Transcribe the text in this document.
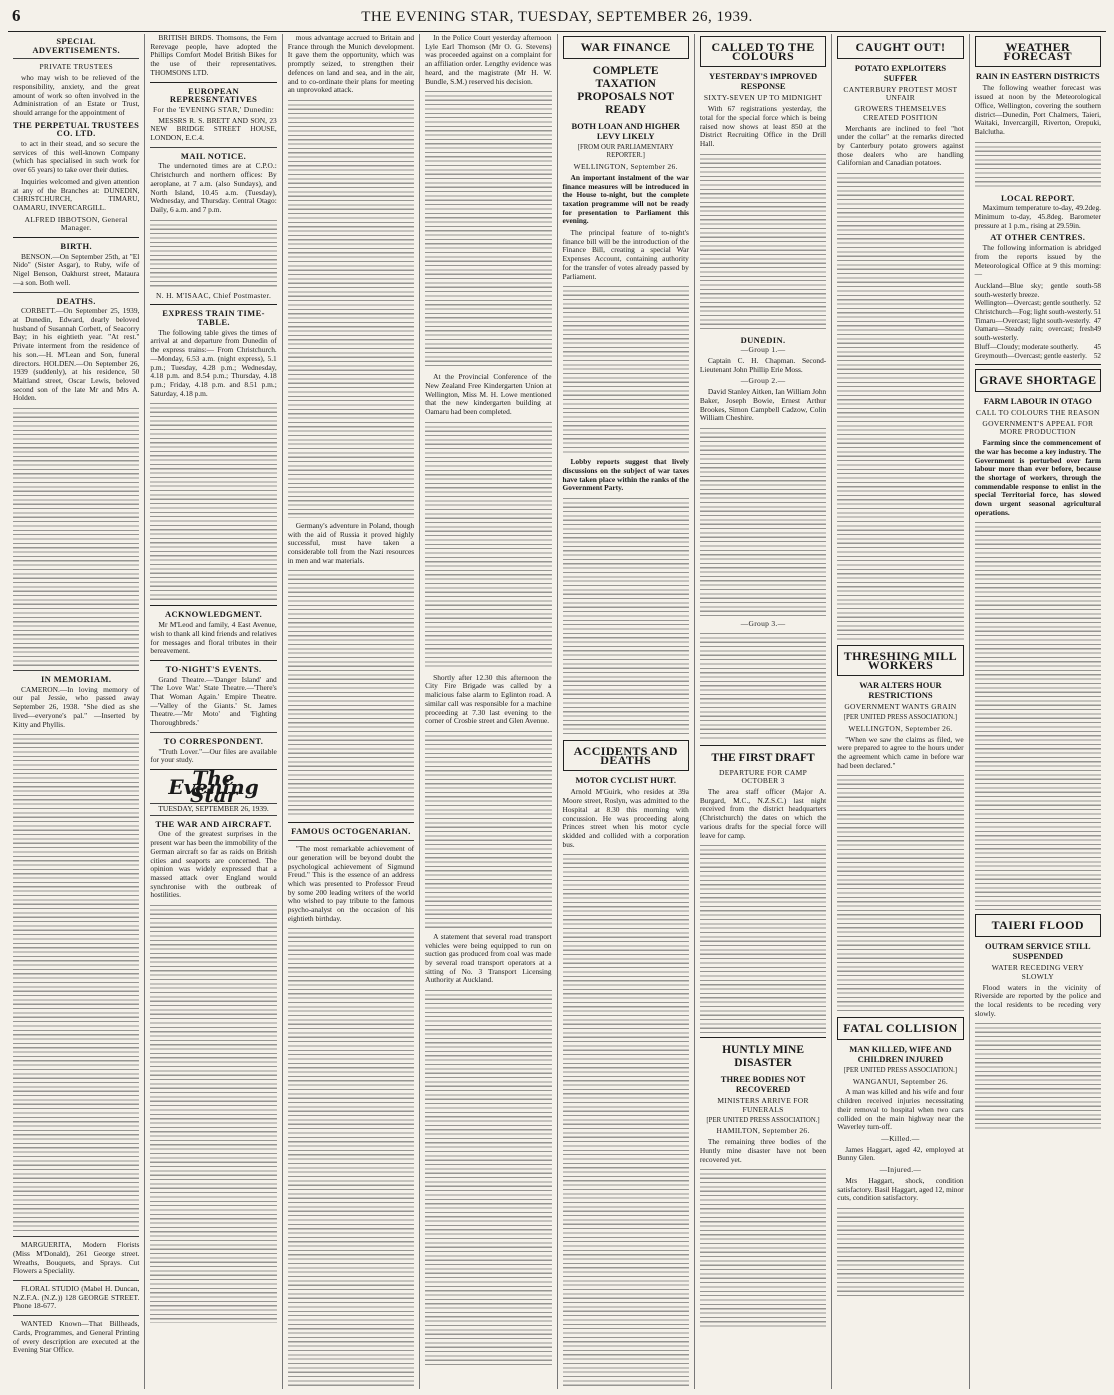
6	THE EVENING STAR, TUESDAY, SEPTEMBER 26, 1939.
SPECIAL ADVERTISEMENTS.
PRIVATE TRUSTEES

who may wish to be relieved of the responsibility, anxiety, and the great amount of work so often involved in the Administration of an Estate or Trust, should arrange for the appointment of

THE PERPETUAL TRUSTEES CO. LTD.

to act in their stead, and so secure the services of this well-known Company (which has specialised in such work for over 65 years) to take over their duties.

Inquiries welcomed and given attention at any of the Branches at: DUNEDIN, CHRISTCHURCH, TIMARU, OAMARU, INVERCARGILL.

ALFRED IBBOTSON, General Manager.
BIRTH.

BENSON.—On September 25th, at "El Nido" (Sister Asgar), to Ruby, wife of Nigel Benson, Oakhurst street, Mataura —a son. Both well.

DEATHS.

CORBETT.—On September 25, 1939, at Dunedin, Edward, dearly beloved husband of Susannah Corbett, of Seacorry Bay; in his eightieth year. "At rest." Private interment from the residence of his son.—H. M'Lean and Son, funeral directors. HOLDEN.—On September 26, 1939 (suddenly), at his residence, 50 Maitland street, Oscar Lewis, beloved second son of the late Mr and Mrs A. Holden.

IN MEMORIAM.

CAMERON.—In loving memory of our pal Jessie, who passed away September 26, 1938. "She died as she lived—everyone's pal." —Inserted by Kitty and Phyllis.

MARGUERITA, Modern Florists (Miss M'Donald), 261 George street. Wreaths, Bouquets, and Sprays. Cut Flowers a Speciality.

FLORAL STUDIO (Mabel H. Duncan, N.Z.F.A. (N.Z.)) 128 GEORGE STREET. Phone 18-677.

WANTED Known—That Billheads, Cards, Programmes, and General Printing of every description are executed at the Evening Star Office.

BRITISH BIRDS. Thomsons, the Fern Rerevage people, have adopted the Phillips Comfort Model British Bikes for the use of their representatives. THOMSONS LTD.

EUROPEAN REPRESENTATIVES
For the 'EVENING STAR,' Dunedin:

MESSRS R. S. BRETT AND SON, 23 NEW BRIDGE STREET HOUSE, LONDON, E.C.4.

MAIL NOTICE.

The undernoted times are at C.P.O.: Christchurch and northern offices: By aeroplane, at 7 a.m. (also Sundays), and North Island, 10.45 a.m. (Tuesday), Wednesday, and Thursday. Central Otago: Daily, 6 a.m. and 7 p.m.

N. H. M'ISAAC, Chief Postmaster.
EXPRESS TRAIN TIME-TABLE.

The following table gives the times of arrival at and departure from Dunedin of the express trains:— From Christchurch.—Monday, 6.53 a.m. (night express), 5.1 p.m.; Tuesday, 4.28 p.m.; Wednesday, 4.18 p.m. and 8.54 p.m.; Thursday, 4.18 p.m.; Friday, 4.18 p.m. and 8.51 p.m.; Saturday, 4.18 p.m.

ACKNOWLEDGMENT.

Mr M'Leod and family, 4 East Avenue, wish to thank all kind friends and relatives for messages and floral tributes in their bereavement.

TO-NIGHT'S EVENTS.

Grand Theatre.—'Danger Island' and 'The Love War.' State Theatre.—'There's That Woman Again.' Empire Theatre.—'Valley of the Giants.' St. James Theatre.—'Mr Moto' and 'Fighting Thoroughbreds.'

TO CORRESPONDENT.

"Truth Lover."—Our files are available for your study.

The Evening Star
TUESDAY, SEPTEMBER 26, 1939.
THE WAR AND AIRCRAFT.

One of the greatest surprises in the present war has been the immobility of the German aircraft so far as raids on British cities and seaports are concerned. The opinion was widely expressed that a massed attack over England would synchronise with the outbreak of hostilities.

mous advantage accrued to Britain and France through the Munich development. It gave them the opportunity, which was promptly seized, to strengthen their defences on land and sea, and in the air, and to co-ordinate their plans for meeting an unprovoked attack.

Germany's adventure in Poland, though with the aid of Russia it proved highly successful, must have taken a considerable toll from the Nazi resources in men and war materials.

FAMOUS OCTOGENARIAN.

"The most remarkable achievement of our generation will be beyond doubt the psychological achievement of Sigmund Freud." This is the essence of an address which was presented to Professor Freud by some 200 leading writers of the world who wished to pay tribute to the famous psycho-analyst on the occasion of his eightieth birthday.

In the Police Court yesterday afternoon Lyle Earl Thomson (Mr O. G. Stevens) was proceeded against on a complaint for an affiliation order. Lengthy evidence was heard, and the magistrate (Mr H. W. Bundle, S.M.) reserved his decision.

At the Provincial Conference of the New Zealand Free Kindergarten Union at Wellington, Miss M. H. Lowe mentioned that the new kindergarten building at Oamaru had been completed.

Shortly after 12.30 this afternoon the City Fire Brigade was called by a malicious false alarm to Eglinton road. A similar call was responsible for a machine proceeding at 7.30 last evening to the corner of Crosbie street and Glen Avenue.

A statement that several road transport vehicles were being equipped to run on suction gas produced from coal was made by several road transport operators at a sitting of No. 3 Transport Licensing Authority at Auckland.

WAR FINANCE
COMPLETE TAXATION PROPOSALS NOT READY
BOTH LOAN AND HIGHER LEVY LIKELY
[FROM OUR PARLIAMENTARY REPORTER.]
WELLINGTON, September 26.

An important instalment of the war finance measures will be introduced in the House to-night, but the complete taxation programme will not be ready for presentation to Parliament this evening.

The principal feature of to-night's finance bill will be the introduction of the Finance Bill, creating a special War Expenses Account, containing authority for the transfer of votes already passed by Parliament.

Lobby reports suggest that lively discussions on the subject of war taxes have taken place within the ranks of the Government Party.

ACCIDENTS AND DEATHS
MOTOR CYCLIST HURT.

Arnold M'Guirk, who resides at 39a Moore street, Roslyn, was admitted to the Hospital at 8.30 this morning with concussion. He was proceeding along Princes street when his motor cycle skidded and collided with a corporation bus.

CALLED TO THE COLOURS
YESTERDAY'S IMPROVED RESPONSE
SIXTY-SEVEN UP TO MIDNIGHT

With 67 registrations yesterday, the total for the special force which is being raised now shows at least 850 at the District Recruiting Office in the Drill Hall.

DUNEDIN.
—Group 1.—

Captain C. H. Chapman. Second-Lieutenant John Phillip Erie Moss.

—Group 2.—

David Stanley Aitken, Ian William John Baker, Joseph Bowie, Ernest Arthur Brookes, Simon Campbell Cadzow, Colin William Cheshire.

—Group 3.—
THE FIRST DRAFT
DEPARTURE FOR CAMP OCTOBER 3

The area staff officer (Major A. Burgard, M.C., N.Z.S.C.) last night received from the district headquarters (Christchurch) the dates on which the various drafts for the special force will leave for camp.

HUNTLY MINE DISASTER
THREE BODIES NOT RECOVERED
MINISTERS ARRIVE FOR FUNERALS
[PER UNITED PRESS ASSOCIATION.]
HAMILTON, September 26.

The remaining three bodies of the Huntly mine disaster have not been recovered yet.

CAUGHT OUT!
POTATO EXPLOITERS SUFFER
CANTERBURY PROTEST MOST UNFAIR
GROWERS THEMSELVES CREATED POSITION

Merchants are inclined to feel "hot under the collar" at the remarks directed by Canterbury potato growers against those dealers who are handling Californian and Canadian potatoes.

THRESHING MILL WORKERS
WAR ALTERS HOUR RESTRICTIONS
GOVERNMENT WANTS GRAIN
[PER UNITED PRESS ASSOCIATION.]
WELLINGTON, September 26.

"When we saw the claims as filed, we were prepared to agree to the hours under the agreement which came in before war had been declared."

FATAL COLLISION
MAN KILLED, WIFE AND CHILDREN INJURED
[PER UNITED PRESS ASSOCIATION.]
WANGANUI, September 26.

A man was killed and his wife and four children received injuries necessitating their removal to hospital when two cars collided on the main highway near the Waverley turn-off.

—Killed.—

James Haggart, aged 42, employed at Bunny Glen.

—Injured.—

Mrs Haggart, shock, condition satisfactory. Basil Haggart, aged 12, minor cuts, condition satisfactory.

WEATHER FORECAST
RAIN IN EASTERN DISTRICTS

The following weather forecast was issued at noon by the Meteorological Office, Wellington, covering the southern district—Dunedin, Port Chalmers, Taieri, Waitaki, Invercargill, Riverton, Orepuki, Balclutha.

LOCAL REPORT.

Maximum temperature to-day, 49.2deg. Minimum to-day, 45.8deg. Barometer pressure at 1 p.m., rising at 29.59in.

AT OTHER CENTRES.

The following information is abridged from the reports issued by the Meteorological Office at 9 this morning:—

Auckland—Blue sky; gentle south-south-westerly breeze.
58
Wellington—Overcast; gentle southerly. 52
Christchurch—Fog; light south-westerly. 51
Timaru—Overcast; light south-westerly. 47
Oamaru—Steady rain; overcast; fresh south-westerly.
49
Bluff—Cloudy; moderate southerly. 45
Greymouth—Overcast; gentle easterly. 52
GRAVE SHORTAGE
FARM LABOUR IN OTAGO
CALL TO COLOURS THE REASON
GOVERNMENT'S APPEAL FOR MORE PRODUCTION

Farming since the commencement of the war has become a key industry. The Government is perturbed over farm labour more than ever before, because the shortage of workers, through the commendable response to enlist in the special Territorial force, has slowed down urgent seasonal agricultural operations.

TAIERI FLOOD
OUTRAM SERVICE STILL SUSPENDED
WATER RECEDING VERY SLOWLY

Flood waters in the vicinity of Riverside are reported by the police and the local residents to be receding very slowly.
